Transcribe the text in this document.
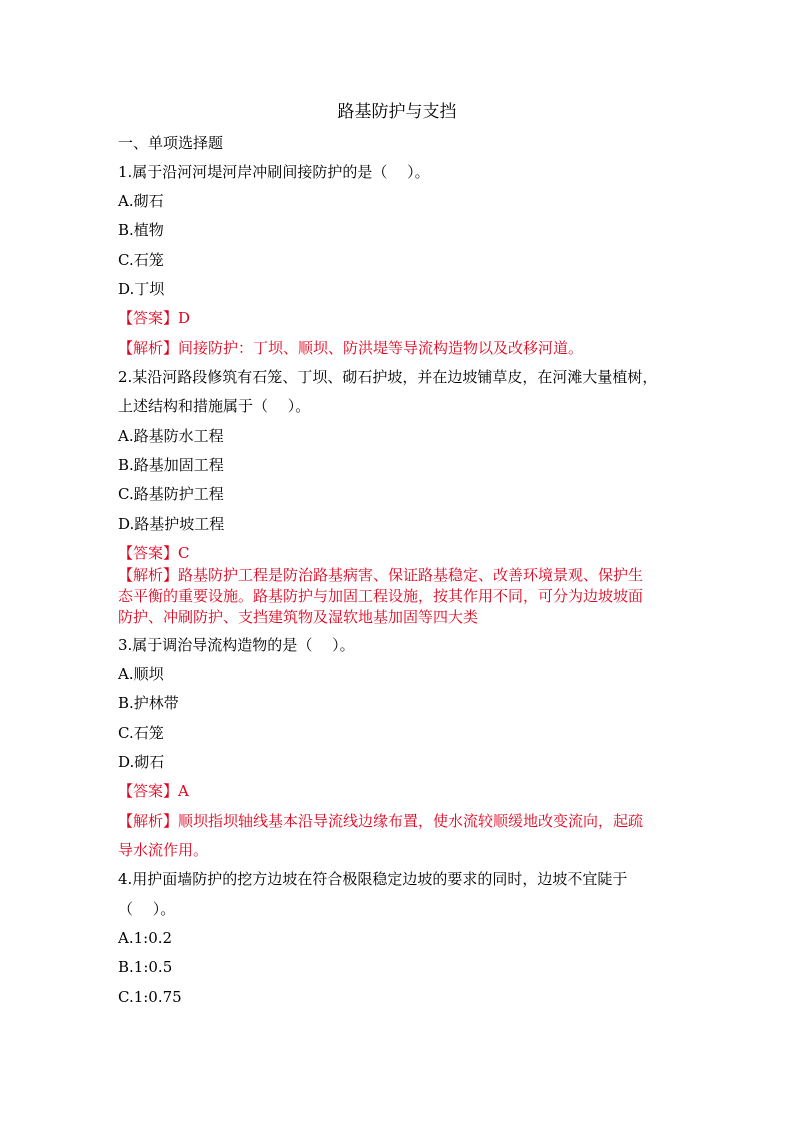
路基防护与支挡
一、单项选择题
1.属于沿河河堤河岸冲刷间接防护的是（　 ）。
A.砌石
B.植物
C.石笼
D.丁坝
【答案】D
【解析】间接防护：丁坝、顺坝、防洪堤等导流构造物以及改移河道。
2.某沿河路段修筑有石笼、丁坝、砌石护坡，并在边坡铺草皮，在河滩大量植树，
上述结构和措施属于（　 ）。
A.路基防水工程
B.路基加固工程
C.路基防护工程
D.路基护坡工程
【答案】C
【解析】路基防护工程是防治路基病害、保证路基稳定、改善环境景观、保护生
态平衡的重要设施。路基防护与加固工程设施，按其作用不同，可分为边坡坡面
防护、冲刷防护、支挡建筑物及湿软地基加固等四大类
3.属于调治导流构造物的是（　 ）。
A.顺坝
B.护林带
C.石笼
D.砌石
【答案】A
【解析】顺坝指坝轴线基本沿导流线边缘布置，使水流较顺缓地改变流向，起疏
导水流作用。
4.用护面墙防护的挖方边坡在符合极限稳定边坡的要求的同时，边坡不宜陡于
（　 ）。
A.1:0.2
B.1:0.5
C.1:0.75
